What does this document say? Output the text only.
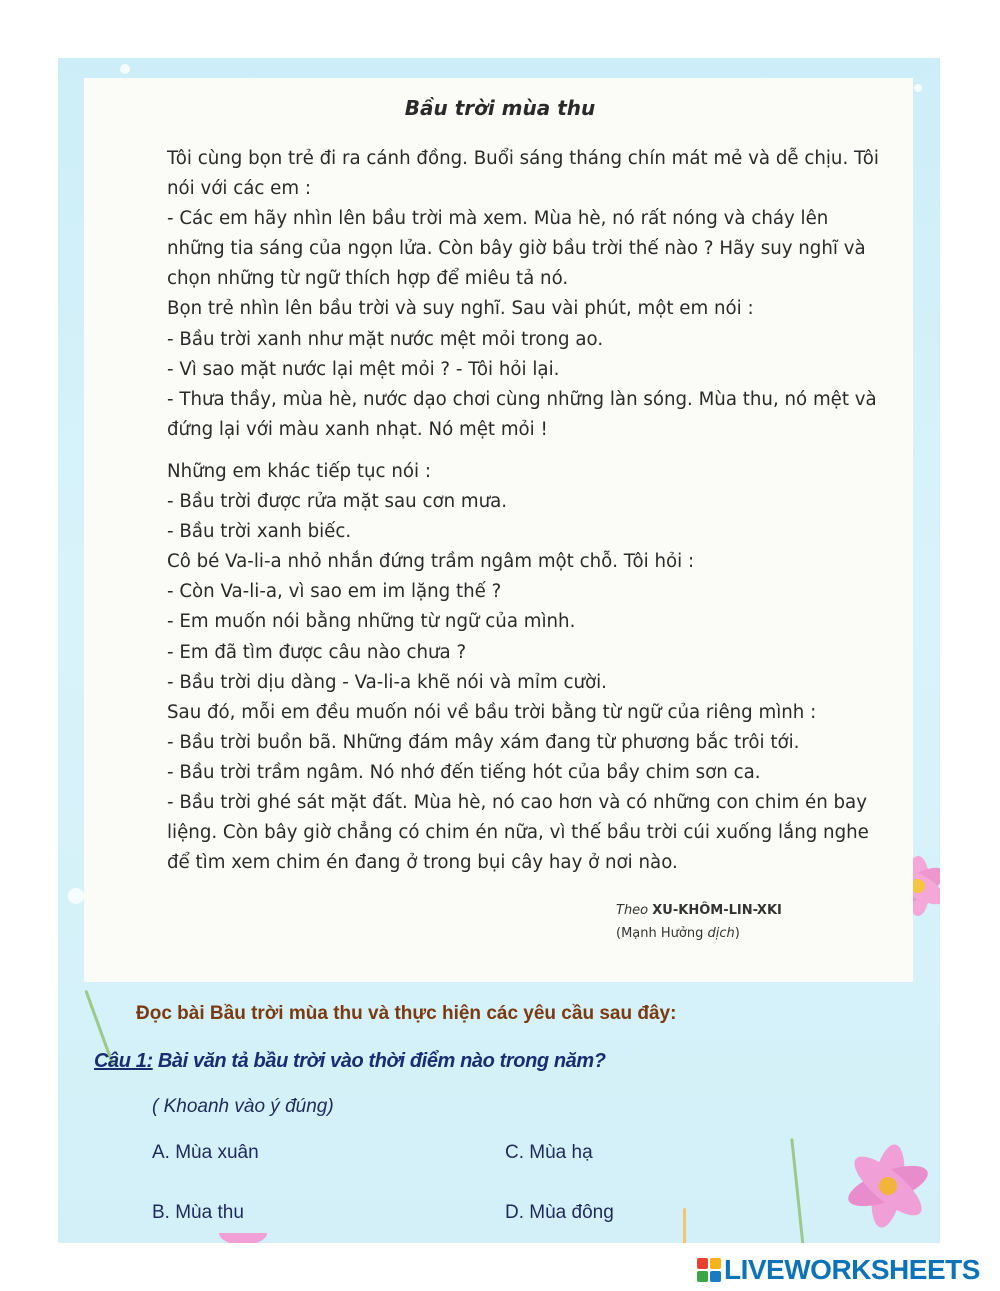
Bầu trời mùa thu

Tôi cùng bọn trẻ đi ra cánh đồng. Buổi sáng tháng chín mát mẻ và dễ chịu. Tôi nói với các em :

- Các em hãy nhìn lên bầu trời mà xem. Mùa hè, nó rất nóng và cháy lên những tia sáng của ngọn lửa. Còn bây giờ bầu trời thế nào ? Hãy suy nghĩ và chọn những từ ngữ thích hợp để miêu tả nó.

Bọn trẻ nhìn lên bầu trời và suy nghĩ. Sau vài phút, một em nói :

- Bầu trời xanh như mặt nước mệt mỏi trong ao.

- Vì sao mặt nước lại mệt mỏi ? - Tôi hỏi lại.

- Thưa thầy, mùa hè, nước dạo chơi cùng những làn sóng. Mùa thu, nó mệt và đứng lại với màu xanh nhạt. Nó mệt mỏi !

Những em khác tiếp tục nói :

- Bầu trời được rửa mặt sau cơn mưa.

- Bầu trời xanh biếc.

Cô bé Va-li-a nhỏ nhắn đứng trầm ngâm một chỗ. Tôi hỏi :

- Còn Va-li-a, vì sao em im lặng thế ?

- Em muốn nói bằng những từ ngữ của mình.

- Em đã tìm được câu nào chưa ?

- Bầu trời dịu dàng - Va-li-a khẽ nói và mỉm cười.

Sau đó, mỗi em đều muốn nói về bầu trời bằng từ ngữ của riêng mình :

- Bầu trời buồn bã. Những đám mây xám đang từ phương bắc trôi tới.

- Bầu trời trầm ngâm. Nó nhớ đến tiếng hót của bầy chim sơn ca.

- Bầu trời ghé sát mặt đất. Mùa hè, nó cao hơn và có những con chim én bay liệng. Còn bây giờ chẳng có chim én nữa, vì thế bầu trời cúi xuống lắng nghe để tìm xem chim én đang ở trong bụi cây hay ở nơi nào.

Theo XU-KHÔM-LIN-XKI
(Mạnh Hưởng dịch)

Đọc bài Bầu trời mùa thu và thực hiện các yêu cầu sau đây:

Câu 1: Bài văn tả bầu trời vào thời điểm nào trong năm?

( Khoanh vào ý đúng)

A. Mùa xuân

B. Mùa thu

C. Mùa hạ

D. Mùa đông

LIVEWORKSHEETS
